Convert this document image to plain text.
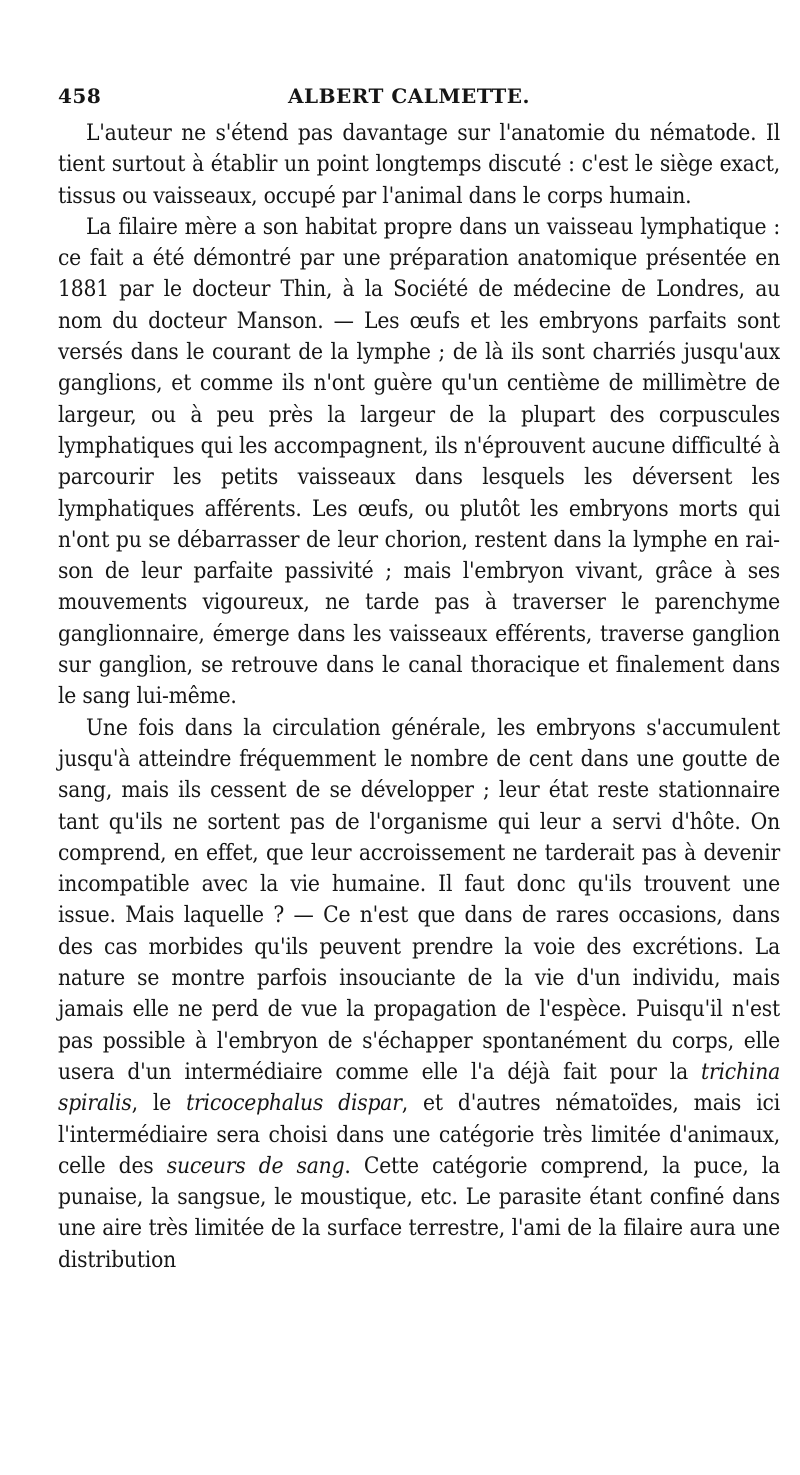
458	ALBERT CALMETTE.

L'auteur ne s'étend pas davantage sur l'anatomie du nématode. Il tient surtout à établir un point longtemps discuté : c'est le siège exact, tissus ou vaisseaux, occupé par l'animal dans le corps humain.

La filaire mère a son habitat propre dans un vaisseau lymphatique : ce fait a été démontré par une préparation anatomique présentée en 1881 par le docteur Thin, à la Société de médecine de Londres, au nom du docteur Manson. — Les œufs et les embryons parfaits sont versés dans le courant de la lymphe ; de là ils sont charriés jusqu'aux ganglions, et comme ils n'ont guère qu'un centième de millimètre de largeur, ou à peu près la largeur de la plupart des corpuscules lymphatiques qui les accompagnent, ils n'éprouvent aucune difficulté à parcourir les petits vaisseaux dans lesquels les déversent les lymphatiques afférents. Les œufs, ou plutôt les embryons morts qui n'ont pu se débarrasser de leur chorion, restent dans la lymphe en raison de leur parfaite passivité ; mais l'embryon vivant, grâce à ses mouvements vigoureux, ne tarde pas à traverser le parenchyme ganglionnaire, émerge dans les vaisseaux efférents, traverse ganglion sur ganglion, se retrouve dans le canal thoracique et finalement dans le sang lui-même.

Une fois dans la circulation générale, les embryons s'accumulent jusqu'à atteindre fréquemment le nombre de cent dans une goutte de sang, mais ils cessent de se développer ; leur état reste stationnaire tant qu'ils ne sortent pas de l'organisme qui leur a servi d'hôte. On comprend, en effet, que leur accroissement ne tarderait pas à devenir incompatible avec la vie humaine. Il faut donc qu'ils trouvent une issue. Mais laquelle ? — Ce n'est que dans de rares occasions, dans des cas morbides qu'ils peuvent prendre la voie des excrétions. La nature se montre parfois insouciante de la vie d'un individu, mais jamais elle ne perd de vue la propagation de l'espèce. Puisqu'il n'est pas possible à l'embryon de s'échapper spontanément du corps, elle usera d'un intermédiaire comme elle l'a déjà fait pour la trichina spiralis, le tricocephalus dispar, et d'autres nématoïdes, mais ici l'intermédiaire sera choisi dans une catégorie très limitée d'animaux, celle des suceurs de sang. Cette catégorie comprend, la puce, la punaise, la sangsue, le moustique, etc. Le parasite étant confiné dans une aire très limitée de la surface terrestre, l'ami de la filaire aura une distribution
